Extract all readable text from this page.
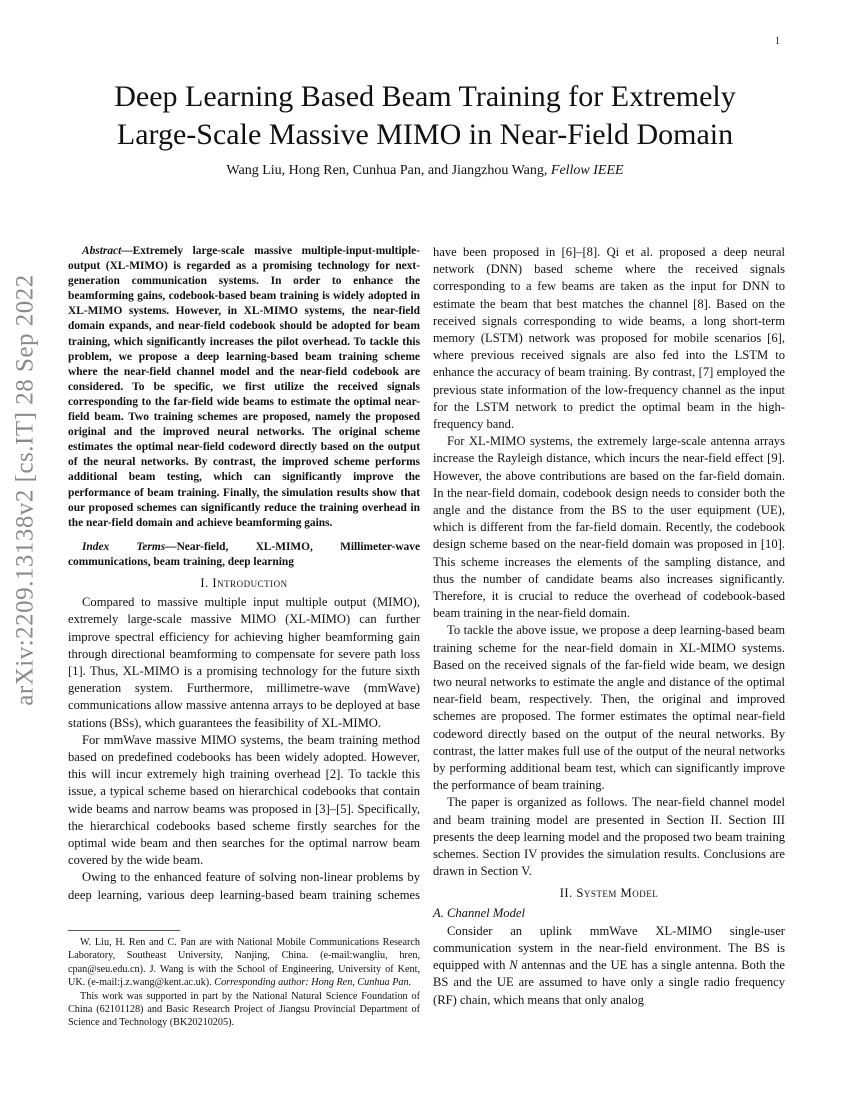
1
arXiv:2209.13138v2 [cs.IT] 28 Sep 2022
Deep Learning Based Beam Training for Extremely
Large-Scale Massive MIMO in Near-Field Domain
Wang Liu, Hong Ren, Cunhua Pan, and Jiangzhou Wang, Fellow IEEE

Abstract—Extremely large-scale massive multiple-input-multiple-output (XL-MIMO) is regarded as a promising technology for next-generation communication systems. In order to enhance the beamforming gains, codebook-based beam training is widely adopted in XL-MIMO systems. However, in XL-MIMO systems, the near-field domain expands, and near-field codebook should be adopted for beam training, which significantly increases the pilot overhead. To tackle this problem, we propose a deep learning-based beam training scheme where the near-field channel model and the near-field codebook are considered. To be specific, we first utilize the received signals corresponding to the far-field wide beams to estimate the optimal near-field beam. Two training schemes are proposed, namely the proposed original and the improved neural networks. The original scheme estimates the optimal near-field codeword directly based on the output of the neural networks. By contrast, the improved scheme performs additional beam testing, which can significantly improve the performance of beam training. Finally, the simulation results show that our proposed schemes can significantly reduce the training overhead in the near-field domain and achieve beamforming gains.

Index Terms—Near-field, XL-MIMO, Millimeter-wave communications, beam training, deep learning

I. Introduction

Compared to massive multiple input multiple output (MIMO), extremely large-scale massive MIMO (XL-MIMO) can further improve spectral efficiency for achieving higher beamforming gain through directional beamforming to compensate for severe path loss [1]. Thus, XL-MIMO is a promising technology for the future sixth generation system. Furthermore, millimetre-wave (mmWave) communications allow massive antenna arrays to be deployed at base stations (BSs), which guarantees the feasibility of XL-MIMO.

For mmWave massive MIMO systems, the beam training method based on predefined codebooks has been widely adopted. However, this will incur extremely high training overhead [2]. To tackle this issue, a typical scheme based on hierarchical codebooks that contain wide beams and narrow beams was proposed in [3]–[5]. Specifically, the hierarchical codebooks based scheme firstly searches for the optimal wide beam and then searches for the optimal narrow beam covered by the wide beam.

Owing to the enhanced feature of solving non-linear problems by deep learning, various deep learning-based beam training schemes

W. Liu, H. Ren and C. Pan are with National Mobile Communications Research Laboratory, Southeast University, Nanjing, China. (e-mail:wangliu, hren, cpan@seu.edu.cn). J. Wang is with the School of Engineering, University of Kent, UK. (e-mail:j.z.wang@kent.ac.uk). Corresponding author: Hong Ren, Cunhua Pan.

This work was supported in part by the National Natural Science Foundation of China (62101128) and Basic Research Project of Jiangsu Provincial Department of Science and Technology (BK20210205).

have been proposed in [6]–[8]. Qi et al. proposed a deep neural network (DNN) based scheme where the received signals corresponding to a few beams are taken as the input for DNN to estimate the beam that best matches the channel [8]. Based on the received signals corresponding to wide beams, a long short-term memory (LSTM) network was proposed for mobile scenarios [6], where previous received signals are also fed into the LSTM to enhance the accuracy of beam training. By contrast, [7] employed the previous state information of the low-frequency channel as the input for the LSTM network to predict the optimal beam in the high-frequency band.

For XL-MIMO systems, the extremely large-scale antenna arrays increase the Rayleigh distance, which incurs the near-field effect [9]. However, the above contributions are based on the far-field domain. In the near-field domain, codebook design needs to consider both the angle and the distance from the BS to the user equipment (UE), which is different from the far-field domain. Recently, the codebook design scheme based on the near-field domain was proposed in [10]. This scheme increases the elements of the sampling distance, and thus the number of candidate beams also increases significantly. Therefore, it is crucial to reduce the overhead of codebook-based beam training in the near-field domain.

To tackle the above issue, we propose a deep learning-based beam training scheme for the near-field domain in XL-MIMO systems. Based on the received signals of the far-field wide beam, we design two neural networks to estimate the angle and distance of the optimal near-field beam, respectively. Then, the original and improved schemes are proposed. The former estimates the optimal near-field codeword directly based on the output of the neural networks. By contrast, the latter makes full use of the output of the neural networks by performing additional beam test, which can significantly improve the performance of beam training.

The paper is organized as follows. The near-field channel model and beam training model are presented in Section II. Section III presents the deep learning model and the proposed two beam training schemes. Section IV provides the simulation results. Conclusions are drawn in Section V.

II. System Model
A. Channel Model

Consider an uplink mmWave XL-MIMO single-user communication system in the near-field environment. The BS is equipped with N antennas and the UE has a single antenna. Both the BS and the UE are assumed to have only a single radio frequency (RF) chain, which means that only analog
